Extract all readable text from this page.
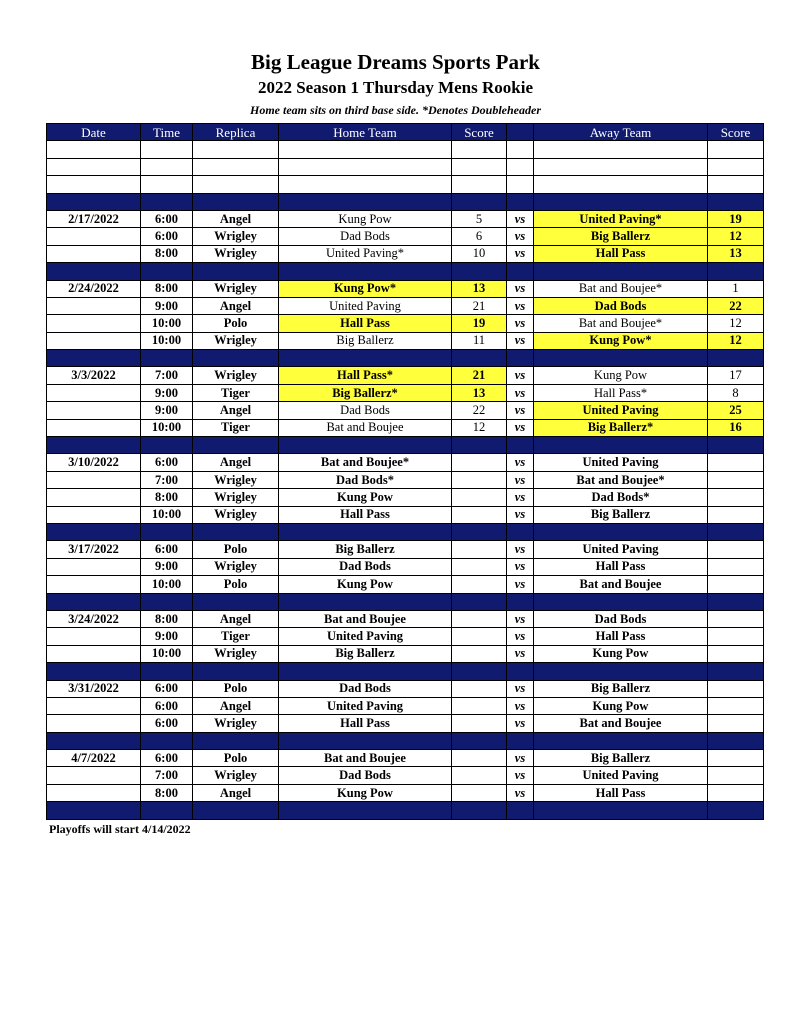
Big League Dreams Sports Park
2022 Season 1 Thursday Mens Rookie
Home team sits on third base side. *Denotes Doubleheader
Date	Time	Replica	Home Team	Score		Away Team	Score

2/17/2022	6:00	Angel	Kung Pow	5	vs	United Paving*	19
	6:00	Wrigley	Dad Bods	6	vs	Big Ballerz	12
	8:00	Wrigley	United Paving*	10	vs	Hall Pass	13

2/24/2022	8:00	Wrigley	Kung Pow*	13	vs	Bat and Boujee*	1
	9:00	Angel	United Paving	21	vs	Dad Bods	22
	10:00	Polo	Hall Pass	19	vs	Bat and Boujee*	12
	10:00	Wrigley	Big Ballerz	11	vs	Kung Pow*	12

3/3/2022	7:00	Wrigley	Hall Pass*	21	vs	Kung Pow	17
	9:00	Tiger	Big Ballerz*	13	vs	Hall Pass*	8
	9:00	Angel	Dad Bods	22	vs	United Paving	25
	10:00	Tiger	Bat and Boujee	12	vs	Big Ballerz*	16

3/10/2022	6:00	Angel	Bat and Boujee*		vs	United Paving	
	7:00	Wrigley	Dad Bods*		vs	Bat and Boujee*	
	8:00	Wrigley	Kung Pow		vs	Dad Bods*	
	10:00	Wrigley	Hall Pass		vs	Big Ballerz	

3/17/2022	6:00	Polo	Big Ballerz		vs	United Paving	
	9:00	Wrigley	Dad Bods		vs	Hall Pass	
	10:00	Polo	Kung Pow		vs	Bat and Boujee	

3/24/2022	8:00	Angel	Bat and Boujee		vs	Dad Bods	
	9:00	Tiger	United Paving		vs	Hall Pass	
	10:00	Wrigley	Big Ballerz		vs	Kung Pow	

3/31/2022	6:00	Polo	Dad Bods		vs	Big Ballerz	
	6:00	Angel	United Paving		vs	Kung Pow	
	6:00	Wrigley	Hall Pass		vs	Bat and Boujee	

4/7/2022	6:00	Polo	Bat and Boujee		vs	Big Ballerz	
	7:00	Wrigley	Dad Bods		vs	United Paving	
	8:00	Angel	Kung Pow		vs	Hall Pass	

Playoffs will start 4/14/2022
